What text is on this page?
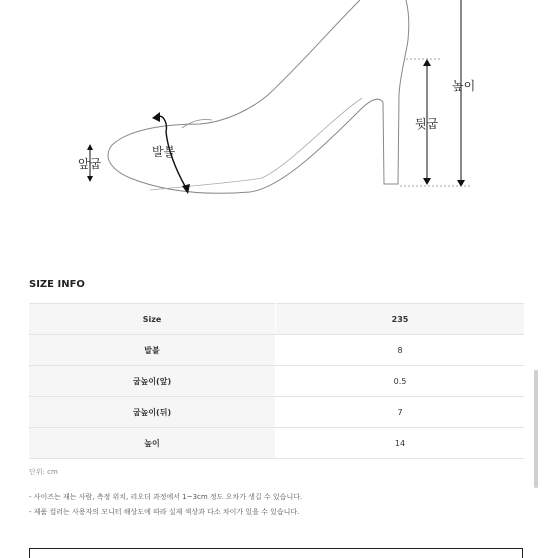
높이
뒷굽
발볼
앞굽
SIZE INFO
Size	235
발볼	8
굽높이(앞)	0.5
굽높이(뒤)	7
높이	14
단위: cm
- 사이즈는 재는 사람, 측정 위치, 리오더 과정에서 1~3cm 정도 오차가 생길 수 있습니다.
- 제품 컬러는 사용자의 모니터 해상도에 따라 실제 색상과 다소 차이가 있을 수 있습니다.
